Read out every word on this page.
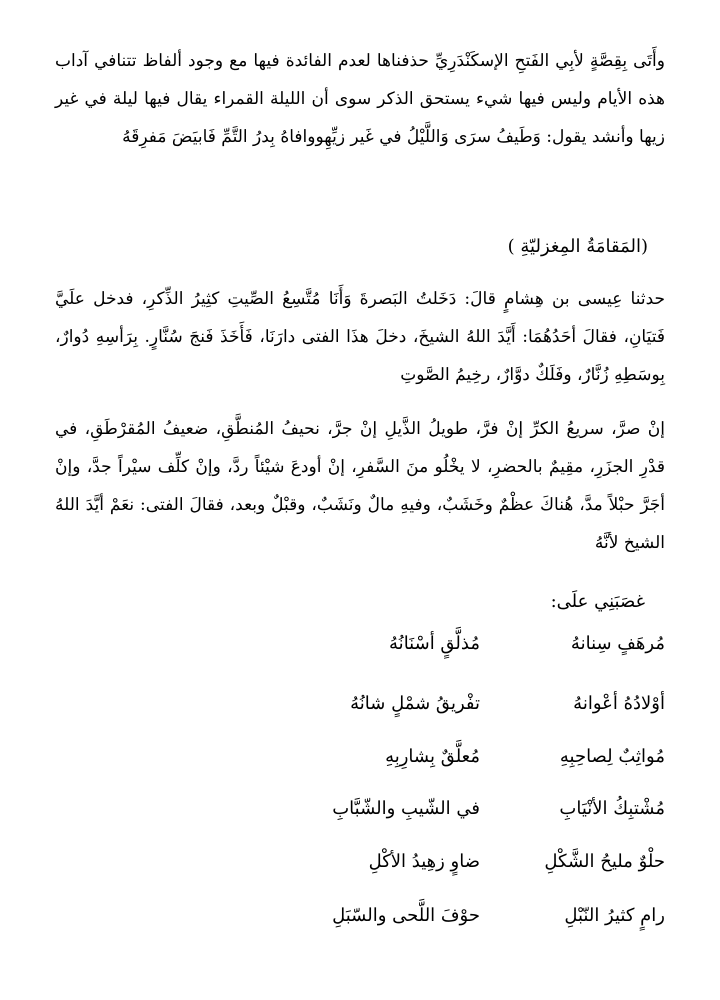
وأَتَى بِقِصَّةٍ لأبِي الفَتحِ الإسكَنْدَرِيِّ حذفناها لعدم الفائدة فيها مع وجود ألفاظ تتنافي آداب هذه الأيام وليس فيها شيء يستحق الذكر سوى أن الليلة القمراء يقال فيها ليلة في غير زيها وأنشد يقول: وَطَيفُ سرَى وَاللَّيْلُ في غَير زيِّهِووافاهُ بِدرُ التَّمِّ فَابيَضَ مَفرِقَهُ

(المَقامَةُ المِغزليّةِ )

حدثنا عِيسى بن هِشامٍ قالَ: دَخَلتُ البَصرةَ وَأَنَا مُتَّسِعُ الصِّيتِ كثِيرُ الذِّكرِ، فدخل علَيَّ فَتيَانِ، فقالَ أحَدُهُمَا: أَيَّدَ اللهُ الشيخَ، دخلَ هذَا الفتى دارَنَا، فَأَخَذَ فَنجَ سُنَّارٍ. بِرَأسِهِ دُوارٌ، بِوسَطِهِ زُنَّارٌ، وفَلَكٌ دوَّارٌ، رخِيمُ الصَّوتِ

إنْ صرَّ، سريعُ الكرِّ إنْ فرَّ، طويلُ الذَّيلِ إنْ جرَّ، نحيفُ المُنطَّقِ، ضعيفُ المُقرْطَقِ، في قدْرِ الجزَرِ، مقِيمٌ بالحضرِ، لا يخْلُو منَ السَّفرِ، إنْ أودعَ شيْئاً ردَّ، وإنْ كلِّف سيْراً جدَّ، وإنْ أجَرَّ حبْلاً مدَّ، هُناكَ عظْمٌ وخَشَبٌ، وفيهِ مالٌ ونَشَبٌ، وقبْلٌ وبعد، فقالَ الفتى: نعَمْ أيَّدَ اللهُ الشيخ لأنَّهُ

غصَبَنِي علَى:

مُرهَفٍ سِنانهُ
مُذلَّقٍ أسْنَانُهُ
أوْلادُهُ أعْوانهُ
تفْريقُ شمْلٍ شانُهُ
مُواثِبٌ لِصاحِبِهِ
مُعلَّقٌ بِشارِبِهِ
مُشْتبِكُ الأنْيَابِ
في الشّيبِ والشّبَّابِ
حلْوٌ مليحُ الشَّكْلِ
ضاوٍ زهِيدُ الأكْلِ
رامٍ كثيرُ النّبْلِ
حوْفَ اللَّحى والسّبَلِ
